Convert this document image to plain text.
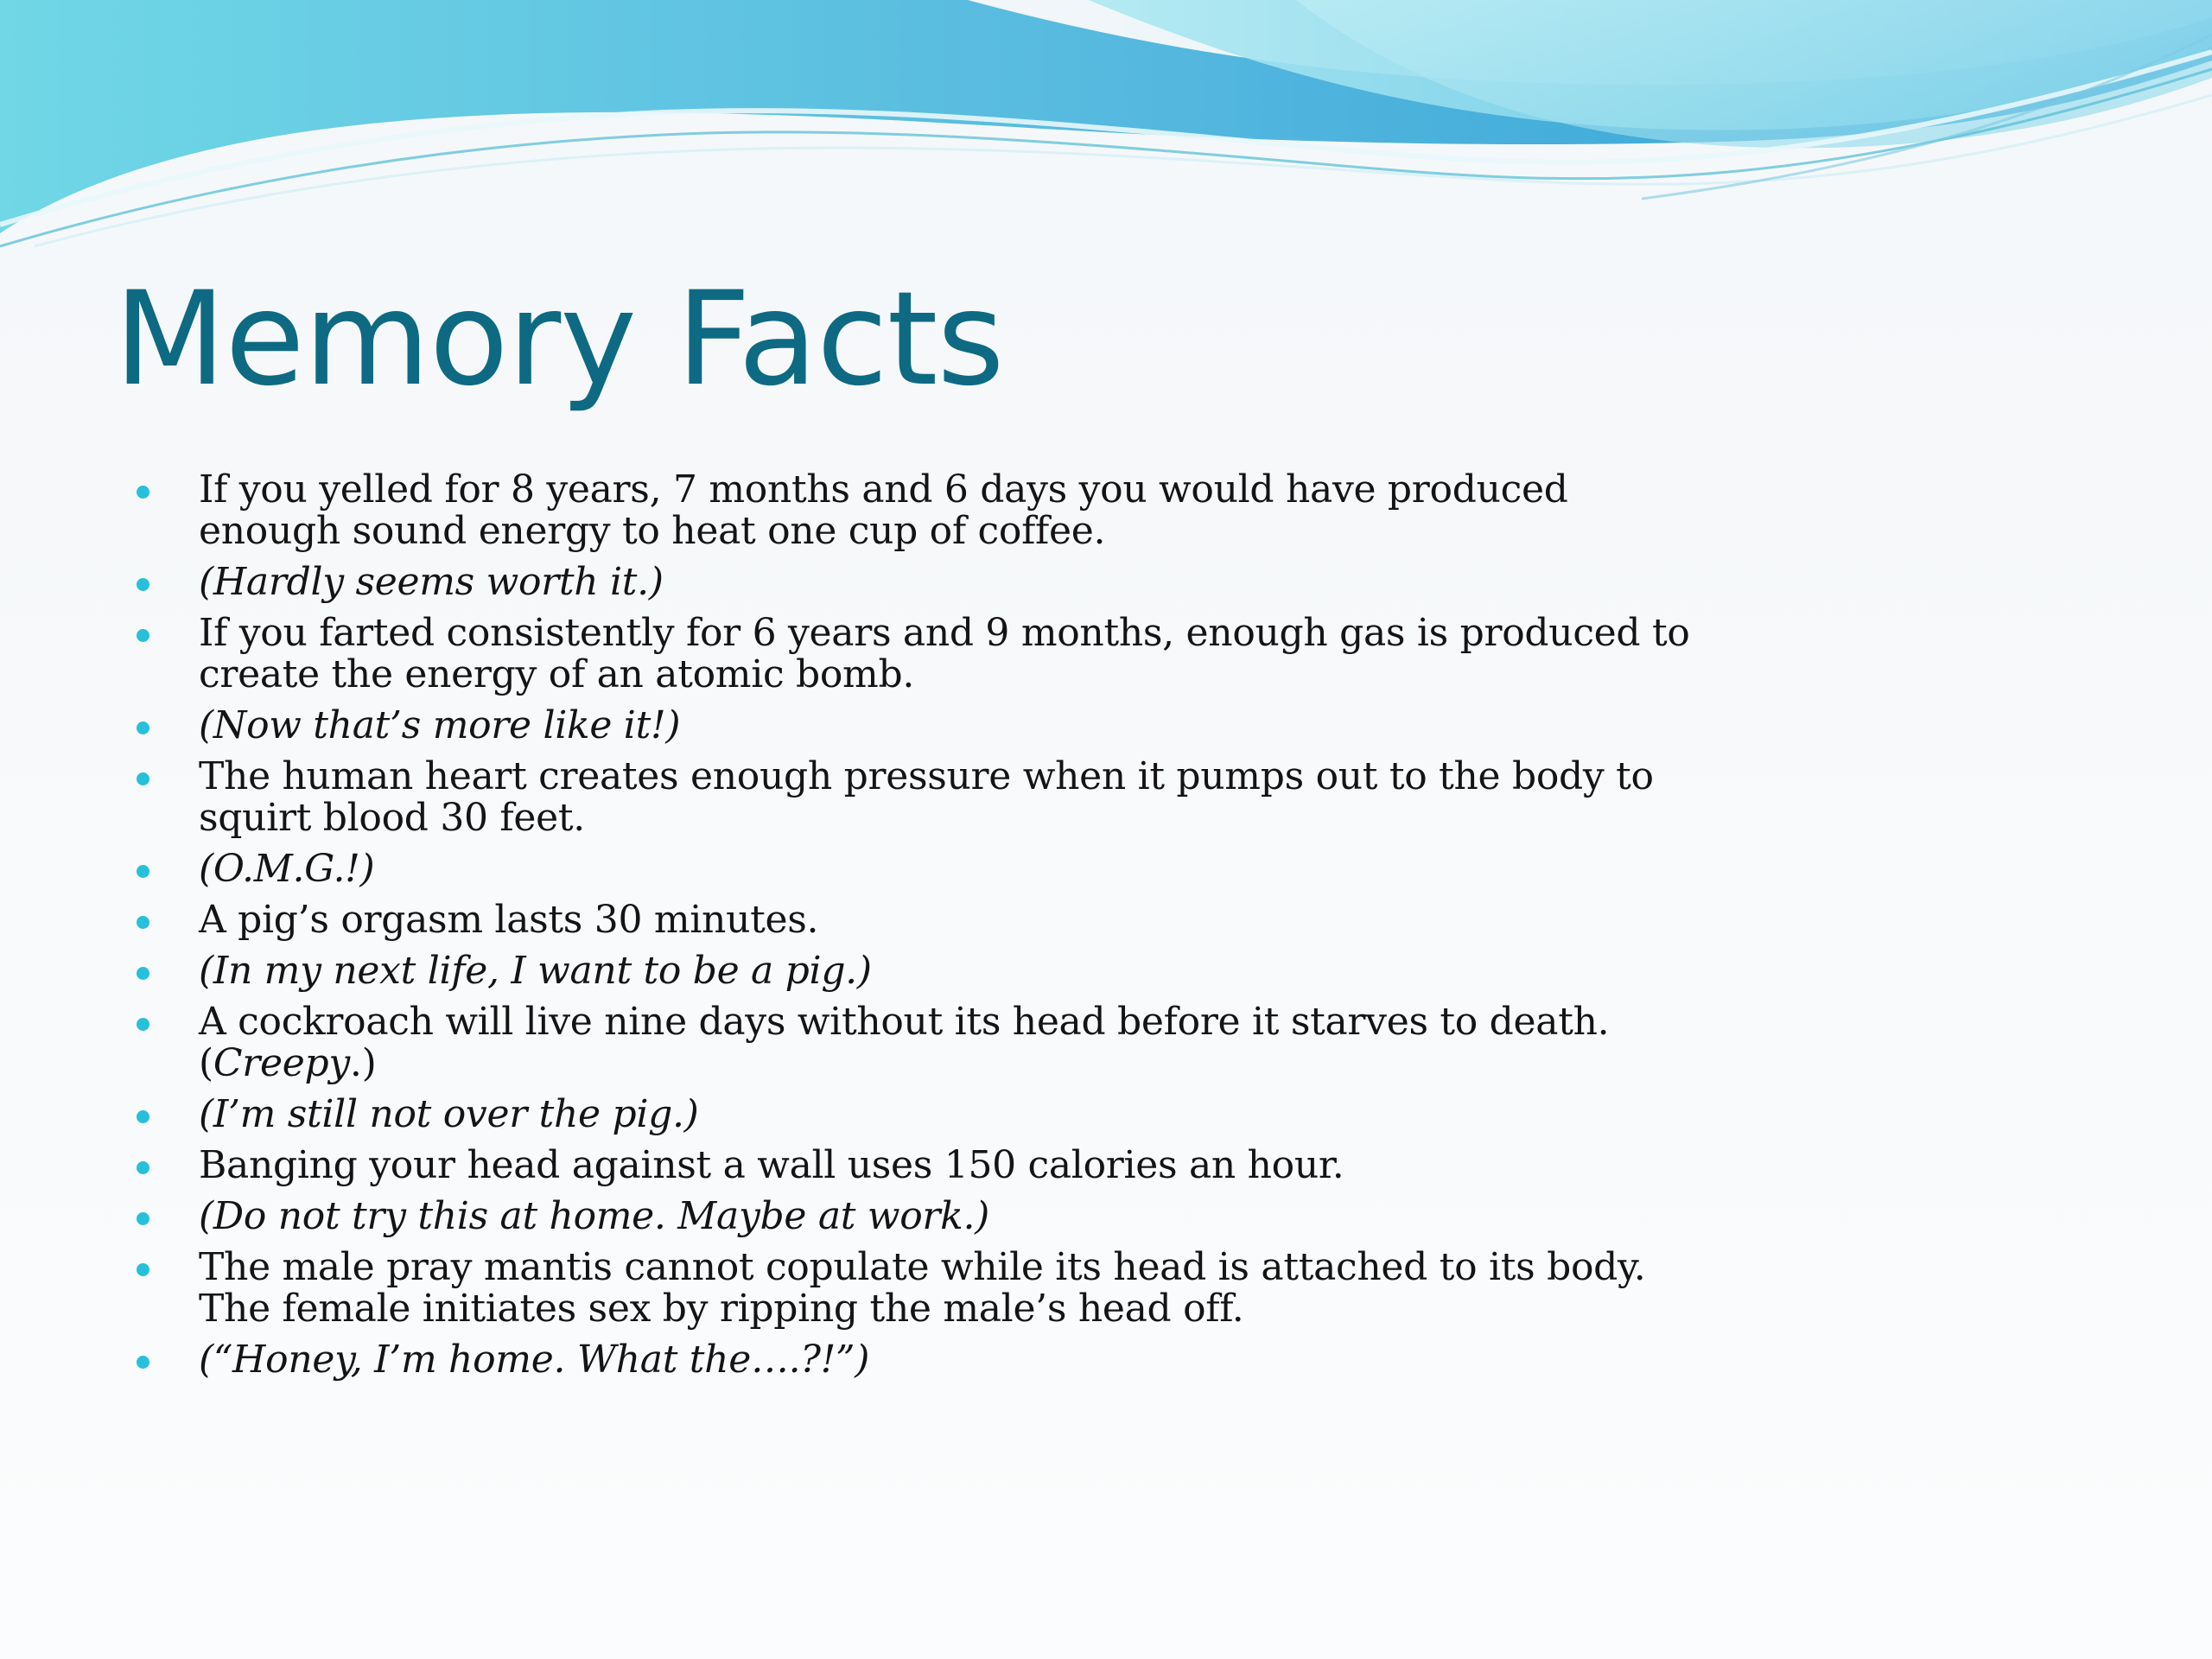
Memory Facts
If you yelled for 8 years, 7 months and 6 days you would have produced enough sound energy to heat one cup of coffee.
(Hardly seems worth it.)
If you farted consistently for 6 years and 9 months, enough gas is produced to create the energy of an atomic bomb.
(Now that’s more like it!)
The human heart creates enough pressure when it pumps out to the body to squirt blood 30 feet.
(O.M.G.!)
A pig’s orgasm lasts 30 minutes.
(In my next life, I want to be a pig.)
A cockroach will live nine days without its head before it starves to death. (Creepy.)
(I’m still not over the pig.)
Banging your head against a wall uses 150 calories an hour.
(Do not try this at home. Maybe at work.)
The male pray mantis cannot copulate while its head is attached to its body. The female initiates sex by ripping the male’s head off.
(“Honey, I’m home. What the….?!”)
